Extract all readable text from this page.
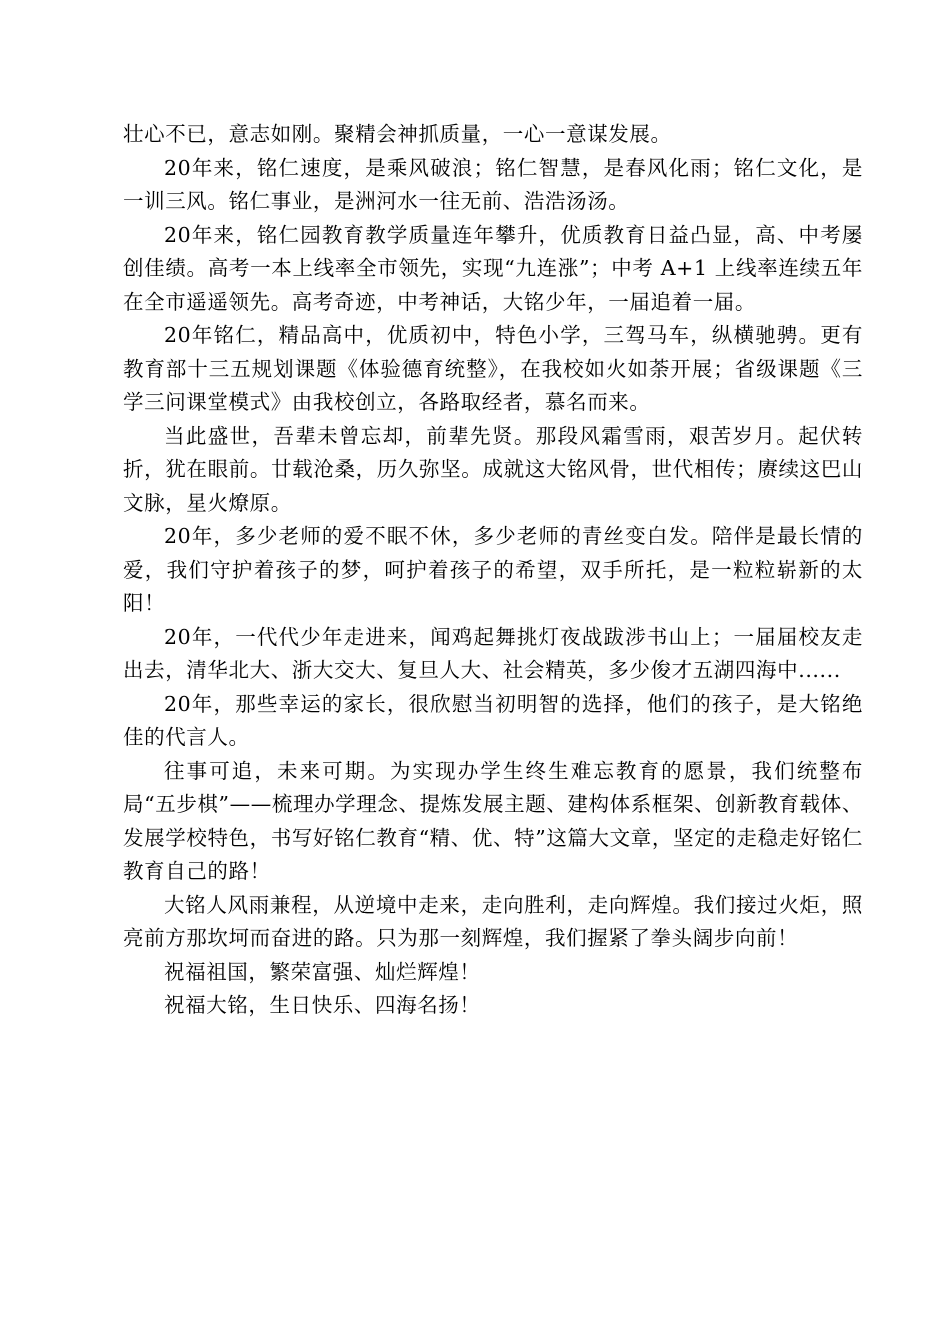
壮心不已，意志如刚。聚精会神抓质量，一心一意谋发展。

20年来，铭仁速度，是乘风破浪；铭仁智慧，是春风化雨；铭仁文化，是一训三风。铭仁事业，是洲河水一往无前、浩浩汤汤。

20年来，铭仁园教育教学质量连年攀升，优质教育日益凸显，高、中考屡创佳绩。高考一本上线率全市领先，实现“九连涨”；中考 A+1 上线率连续五年在全市遥遥领先。高考奇迹，中考神话，大铭少年，一届追着一届。

20年铭仁，精品高中，优质初中，特色小学，三驾马车，纵横驰骋。更有教育部十三五规划课题《体验德育统整》，在我校如火如荼开展；省级课题《三学三问课堂模式》由我校创立，各路取经者，慕名而来。

当此盛世，吾辈未曾忘却，前辈先贤。那段风霜雪雨，艰苦岁月。起伏转折，犹在眼前。廿载沧桑，历久弥坚。成就这大铭风骨，世代相传；赓续这巴山文脉，星火燎原。

20年，多少老师的爱不眠不休，多少老师的青丝变白发。陪伴是最长情的爱，我们守护着孩子的梦，呵护着孩子的希望，双手所托，是一粒粒崭新的太阳！

20年，一代代少年走进来，闻鸡起舞挑灯夜战跋涉书山上；一届届校友走出去，清华北大、浙大交大、复旦人大、社会精英，多少俊才五湖四海中......

20年，那些幸运的家长，很欣慰当初明智的选择，他们的孩子，是大铭绝佳的代言人。

往事可追，未来可期。为实现办学生终生难忘教育的愿景，我们统整布局“五步棋”——梳理办学理念、提炼发展主题、建构体系框架、创新教育载体、发展学校特色，书写好铭仁教育“精、优、特”这篇大文章，坚定的走稳走好铭仁教育自己的路！

大铭人风雨兼程，从逆境中走来，走向胜利，走向辉煌。我们接过火炬，照亮前方那坎坷而奋进的路。只为那一刻辉煌，我们握紧了拳头阔步向前！

祝福祖国，繁荣富强、灿烂辉煌！

祝福大铭，生日快乐、四海名扬！
